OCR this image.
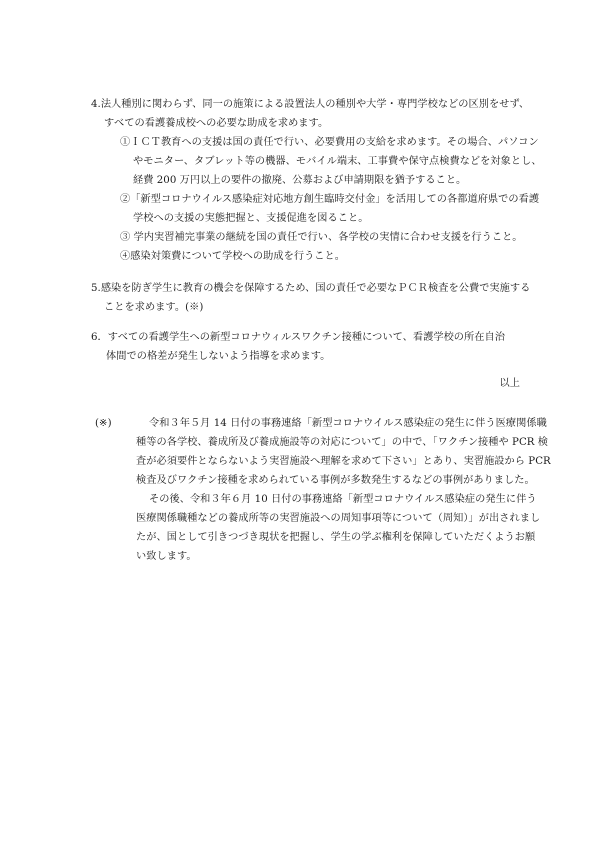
4.法人種別に関わらず、同一の施策による設置法人の種別や大学・専門学校などの区別をせず、
すべての看護養成校への必要な助成を求めます。
①ＩＣＴ教育への支援は国の責任で行い、必要費用の支給を求めます。その場合、パソコン
やモニター、タブレット等の機器、モバイル端末、工事費や保守点検費などを対象とし、
経費 200 万円以上の要件の撤廃、公募および申請期限を猶予すること。
②「新型コロナウイルス感染症対応地方創生臨時交付金」を活用しての各都道府県での看護
学校への支援の実態把握と、支援促進を図ること。
③ 学内実習補完事業の継続を国の責任で行い、各学校の実情に合わせ支援を行うこと。
④感染対策費について学校への助成を行うこと。
5.感染を防ぎ学生に教育の機会を保障するため、国の責任で必要なＰＣＲ検査を公費で実施する
ことを求めます。(※)
6．すべての看護学生への新型コロナウィルスワクチン接種について、看護学校の所在自治
体間での格差が発生しないよう指導を求めます。
以上
(※)	令和３年５月 14 日付の事務連絡「新型コロナウイルス感染症の発生に伴う医療関係職
種等の各学校、養成所及び養成施設等の対応について」の中で、「ワクチン接種や PCR 検
査が必須要件とならないよう実習施設へ理解を求めて下さい」とあり、実習施設から PCR
検査及びワクチン接種を求められている事例が多数発生するなどの事例がありました。
その後、令和３年６月 10 日付の事務連絡「新型コロナウイルス感染症の発生に伴う
医療関係職種などの養成所等の実習施設への周知事項等について（周知）」が出されまし
たが、国として引きつづき現状を把握し、学生の学ぶ権利を保障していただくようお願
い致します。
